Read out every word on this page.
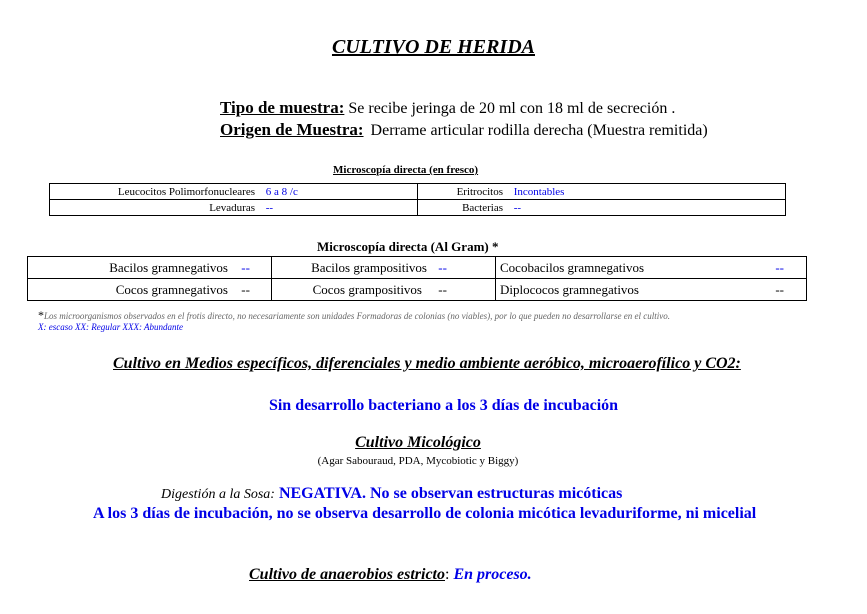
CULTIVO DE HERIDA
Tipo de muestra: Se recibe jeringa de 20 ml con 18 ml de secreción .
Origen de Muestra: Derrame articular rodilla derecha (Muestra remitida)
Microscopía directa (en fresco)
Leucocitos Polimorfonucleares 6 a 8 /c	Eritrocitos Incontables
Levaduras --	Bacterias --
Microscopía directa (Al Gram) *
Bacilos gramnegativos --	Bacilos grampositivos --	Cocobacilos gramnegativos --

Cocos gramnegativos --	Cocos grampositivos --	Diplococos gramnegativos --
*Los microorganismos observados en el frotis directo, no necesariamente son unidades Formadoras de colonias (no viables), por lo que pueden no desarrollarse en el cultivo.
X: escaso XX: Regular XXX: Abundante
Cultivo en Medios específicos, diferenciales y medio ambiente aeróbico, microaerofílico y CO2:
Sin desarrollo bacteriano a los 3 días de incubación
Cultivo Micológico
(Agar Sabouraud, PDA, Mycobiotic y Biggy)
Digestión a la Sosa: NEGATIVA. No se observan estructuras micóticas
A los 3 días de incubación, no se observa desarrollo de colonia micótica levaduriforme, ni micelial
Cultivo de anaerobios estricto: En proceso.
